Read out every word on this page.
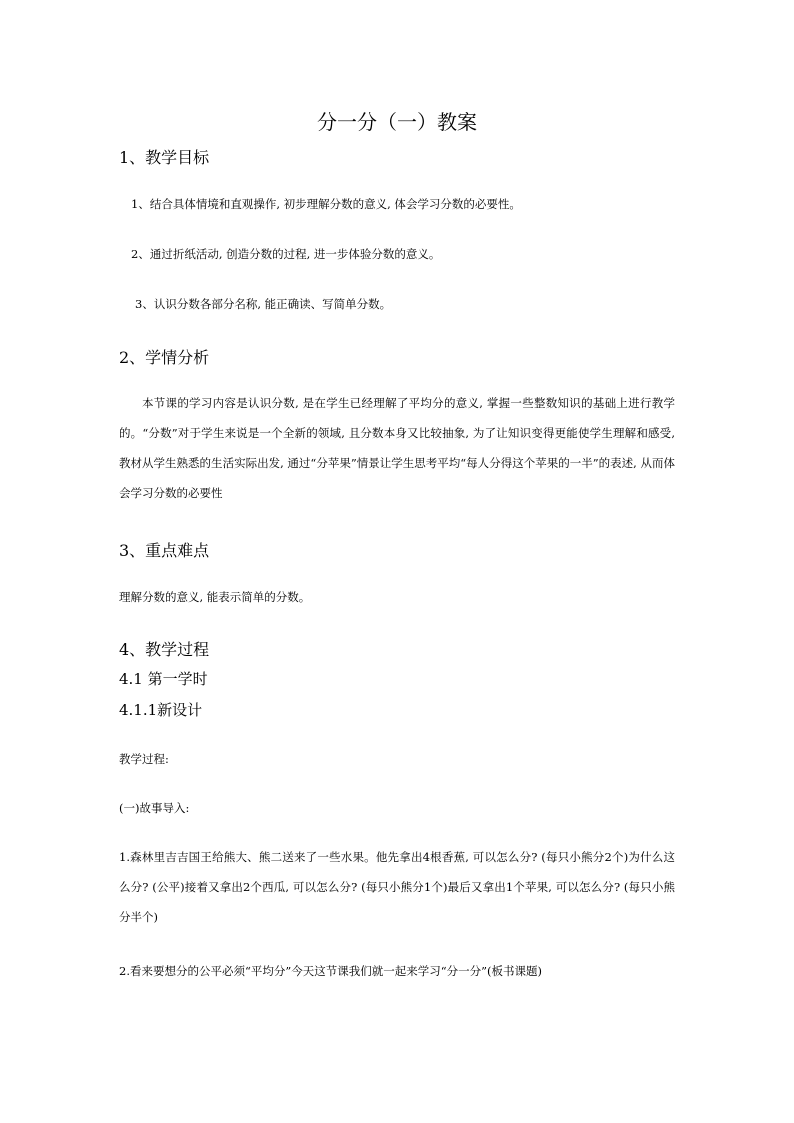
分一分（一）教案
1、教学目标
1、结合具体情境和直观操作, 初步理解分数的意义, 体会学习分数的必要性。
2、通过折纸活动, 创造分数的过程, 进一步体验分数的意义。
3、认识分数各部分名称, 能正确读、写简单分数。
2、学情分析
本节课的学习内容是认识分数, 是在学生已经理解了平均分的意义, 掌握一些整数知识的基础上进行教学的。“分数”对于学生来说是一个全新的领域, 且分数本身又比较抽象, 为了让知识变得更能使学生理解和感受, 教材从学生熟悉的生活实际出发, 通过“分苹果”情景让学生思考平均“每人分得这个苹果的一半”的表述, 从而体会学习分数的必要性
3、重点难点
理解分数的意义, 能表示简单的分数。
4、教学过程
4.1 第一学时
4.1.1新设计
教学过程:
(一)故事导入:
1.森林里吉吉国王给熊大、熊二送来了一些水果。他先拿出4根香蕉, 可以怎么分? (每只小熊分2个)为什么这么分? (公平)接着又拿出2个西瓜, 可以怎么分? (每只小熊分1个)最后又拿出1个苹果, 可以怎么分? (每只小熊分半个)
2.看来要想分的公平必须“平均分”今天这节课我们就一起来学习“分一分”(板书课题)
